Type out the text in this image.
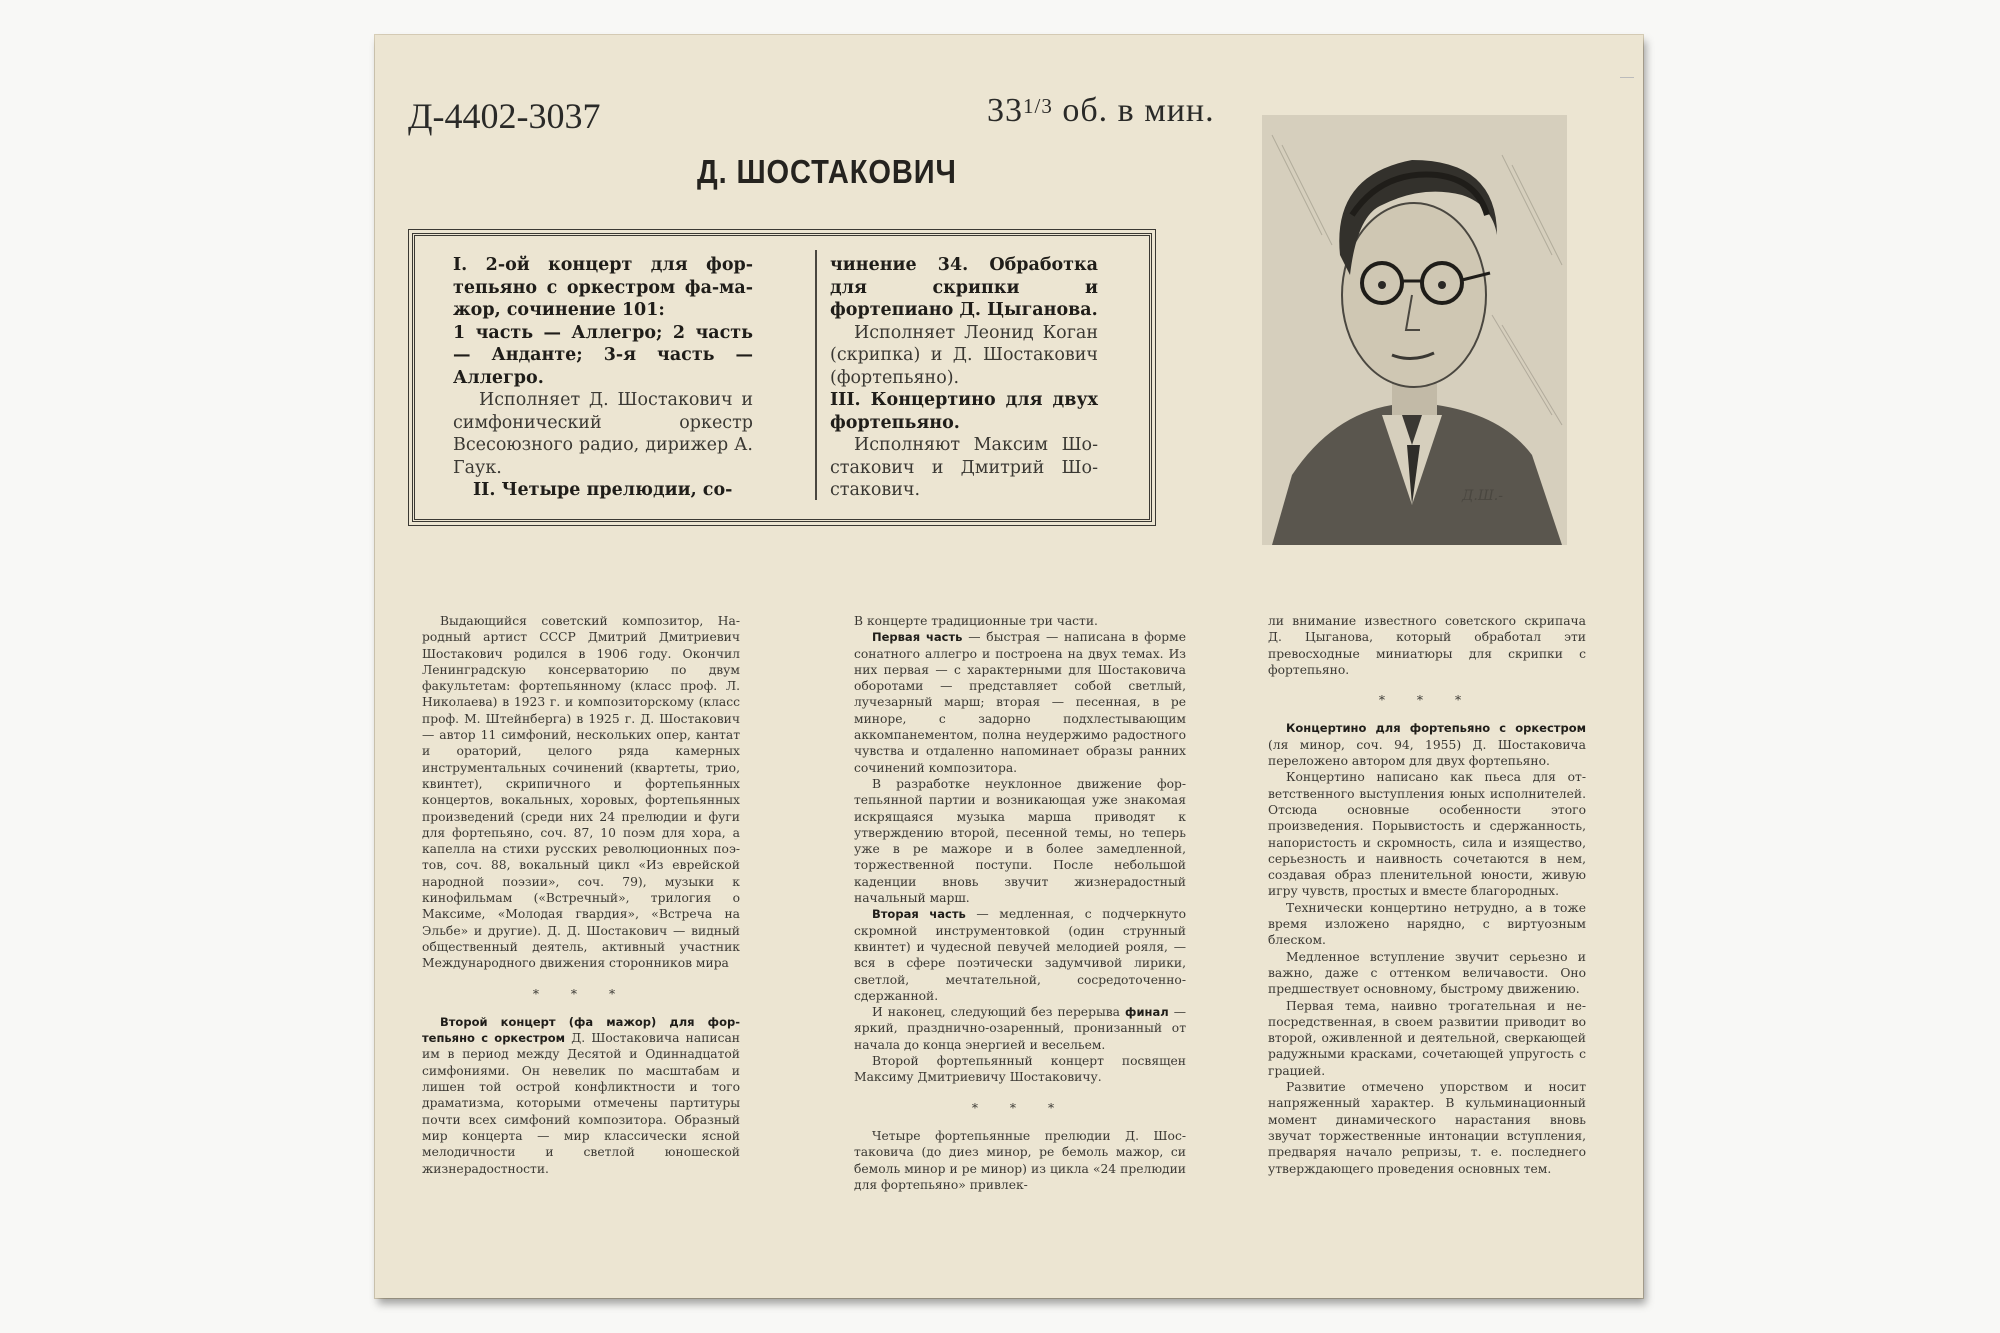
Д-4402-3037	$33^{1/3}$ об. в мин.
Д. ШОСТАКОВИЧ

I. 2-ой концерт для фортепьяно с оркестром фа-мажор, сочинение 101:

1 часть — Аллегро; 2 часть — Анданте; 3-я часть — Аллегро.

Исполняет Д. Шостакович и симфонический оркестр Всесоюзного радио, дирижер А. Гаук.

II. Четыре прелюдии, со-

чинение 34. Обработка для скрипки и фортепиано Д. Цыганова.

Исполняет Леонид Коган (скрипка) и Д. Шостакович (фортепьяно).

III. Концертино для двух фортепьяно.

Исполняют Максим Шостакович и Дмитрий Шостакович.	Д.Ш.-

Выдающийся советский композитор, Народный артист СССР Дмитрий Дмитриевич Шостакович родился в 1906 году. Окончил Ленинградскую консерваторию по двум факультетам: фортепьянному (класс проф. Л. Николаева) в 1923 г. и композиторскому (класс проф. М. Штейнберга) в 1925 г. Д. Шостакович — автор 11 симфоний, нескольких опер, кантат и ораторий, целого ряда камерных инструментальных сочинений (квартеты, трио, квинтет), скрипичного и фортепьянных концертов, вокальных, хоровых, фортепьянных произведений (среди них 24 прелюдии и фуги для фортепьяно, соч. 87, 10 поэм для хора, а капелла на стихи русских революционных поэтов, соч. 88, вокальный цикл «Из еврейской народной поэзии», соч. 79), музыки к кинофильмам («Встречный», трилогия о Максиме, «Молодая гвардия», «Встреча на Эльбе» и другие). Д. Д. Шостакович — видный общественный деятель, активный участник Международного движения сторонников мира

* * *

Второй концерт (фа мажор) для фортепьяно с оркестром Д. Шостаковича написан им в период между Десятой и Одиннадцатой симфониями. Он невелик по масштабам и лишен той острой конфликтности и того драматизма, которыми отмечены партитуры почти всех симфоний композитора. Образный мир концерта — мир классически ясной мелодичности и светлой юношеской жизнерадостности.

В концерте традиционные три части.

Первая часть — быстрая — написана в форме сонатного аллегро и построена на двух темах. Из них первая — с характерными для Шостаковича оборотами — представляет собой светлый, лучезарный марш; вторая — песенная, в ре миноре, с задорно подхлестывающим аккомпанементом, полна неудержимо радостного чувства и отдаленно напоминает образы ранних сочинений композитора.

В разработке неуклонное движение фортепьянной партии и возникающая уже знакомая искрящаяся музыка марша приводят к утверждению второй, песенной темы, но теперь уже в ре мажоре и в более замедленной, торжественной поступи. После небольшой каденции вновь звучит жизнерадостный начальный марш.

Вторая часть — медленная, с подчеркнуто скромной инструментовкой (один струнный квинтет) и чудесной певучей мелодией рояля, — вся в сфере поэтически задумчивой лирики, светлой, мечтательной, сосредоточенно-сдержанной.

И наконец, следующий без перерыва финал — яркий, празднично-озаренный, пронизанный от начала до конца энергией и весельем.

Второй фортепьянный концерт посвящен Максиму Дмитриевичу Шостаковичу.

* * *

Четыре фортепьянные прелюдии Д. Шостаковича (до диез минор, ре бемоль мажор, си бемоль минор и ре минор) из цикла «24 прелюдии для фортепьяно» привлек-

ли внимание известного советского скрипача Д. Цыганова, который обработал эти превосходные миниатюры для скрипки с фортепьяно.

* * *

Концертино для фортепьяно с оркестром (ля минор, соч. 94, 1955) Д. Шостаковича переложено автором для двух фортепьяно.

Концертино написано как пьеса для ответственного выступления юных исполнителей. Отсюда основные особенности этого произведения. Порывистость и сдержанность, напористость и скромность, сила и изящество, серьезность и наивность сочетаются в нем, создавая образ пленительной юности, живую игру чувств, простых и вместе благородных.

Технически концертино нетрудно, а в тоже время изложено нарядно, с виртуозным блеском.

Медленное вступление звучит серьезно и важно, даже с оттенком величавости. Оно предшествует основному, быстрому движению.

Первая тема, наивно трогательная и непосредственная, в своем развитии приводит во второй, оживленной и деятельной, сверкающей радужными красками, сочетающей упругость с грацией.

Развитие отмечено упорством и носит напряженный характер. В кульминационный момент динамического нарастания вновь звучат торжественные интонации вступления, предваряя начало репризы, т. е. последнего утверждающего проведения основных тем.
